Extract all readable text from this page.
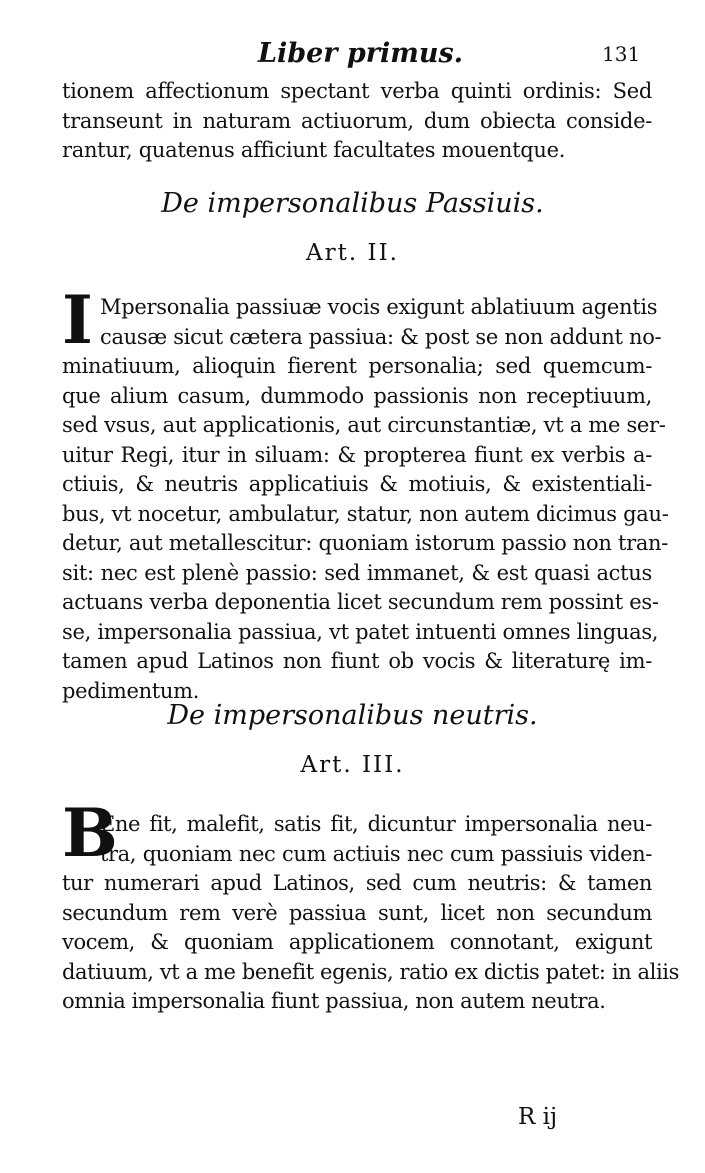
Liber primus.	131
tionem affectionum spectant verba quinti ordinis: Sed
transeunt in naturam actiuorum, dum obiecta conside-
rantur, quatenus afficiunt facultates mouentque.
De impersonalibus Passiuis.
Art. II.
I Mpersonalia passiuæ vocis exigunt ablatiuum agentis
causæ sicut cætera passiua: & post se non addunt no-
minatiuum, alioquin fierent personalia; sed quemcum-
que alium casum, dummodo passionis non receptiuum,
sed vsus, aut applicationis, aut circunstantiæ, vt a me ser-
uitur Regi, itur in siluam: & propterea fiunt ex verbis a-
ctiuis, & neutris applicatiuis & motiuis, & existentiali-
bus, vt nocetur, ambulatur, statur, non autem dicimus gau-
detur, aut metallescitur: quoniam istorum passio non tran-
sit: nec est plenè passio: sed immanet, & est quasi actus
actuans verba deponentia licet secundum rem possint es-
se, impersonalia passiua, vt patet intuenti omnes linguas,
tamen apud Latinos non fiunt ob vocis & literaturę im-
pedimentum.
De impersonalibus neutris.
Art. III.
B
Ene fit, malefit, satis fit, dicuntur impersonalia neu-
tra, quoniam nec cum actiuis nec cum passiuis viden-
tur numerari apud Latinos, sed cum neutris: & tamen
secundum rem verè passiua sunt, licet non secundum
vocem, & quoniam applicationem connotant, exigunt
datiuum, vt a me benefit egenis, ratio ex dictis patet: in aliis
omnia impersonalia fiunt passiua, non autem neutra.
R ij
